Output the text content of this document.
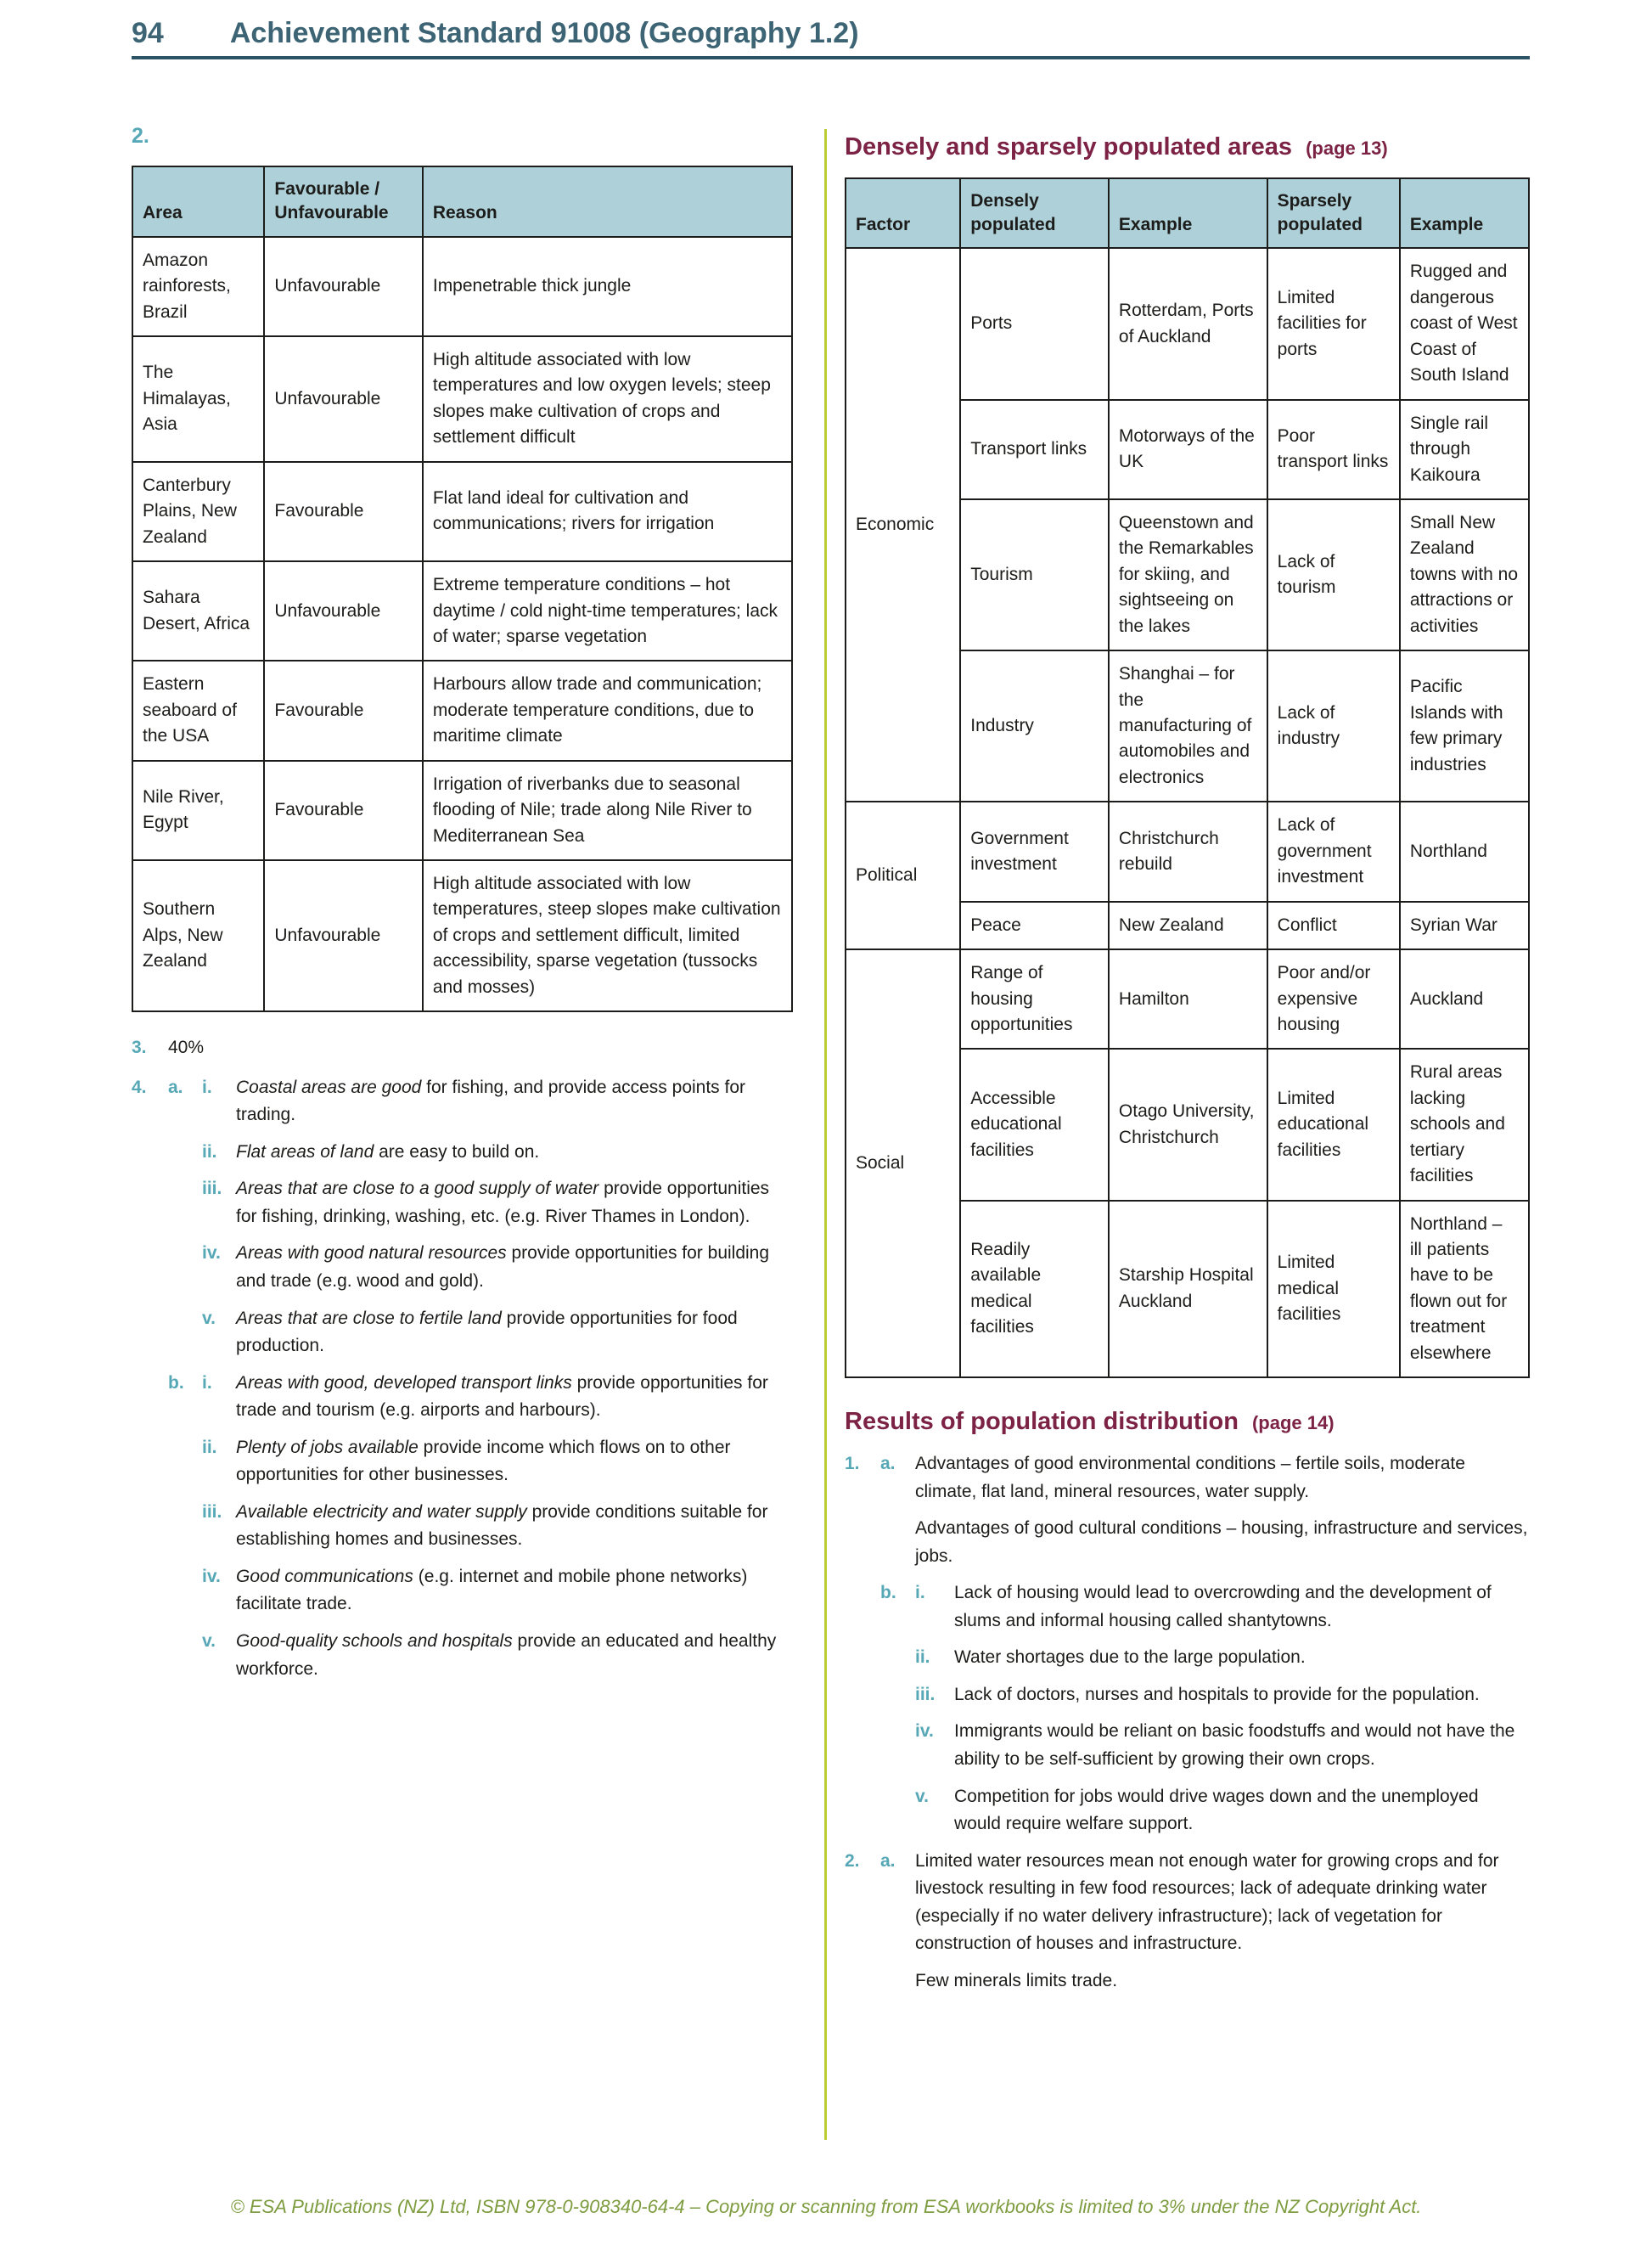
94 Achievement Standard 91008 (Geography 1.2)
2.
Area	Favourable / Unfavourable	Reason
Amazon rainforests, Brazil	Unfavourable	Impenetrable thick jungle
The Himalayas, Asia	Unfavourable	High altitude associated with low temperatures and low oxygen levels; steep slopes make cultivation of crops and settlement difficult
Canterbury Plains, New Zealand	Favourable	Flat land ideal for cultivation and communications; rivers for irrigation
Sahara Desert, Africa	Unfavourable	Extreme temperature conditions – hot daytime / cold night-time temperatures; lack of water; sparse vegetation
Eastern seaboard of the USA	Favourable	Harbours allow trade and communication; moderate temperature conditions, due to maritime climate
Nile River, Egypt	Favourable	Irrigation of riverbanks due to seasonal flooding of Nile; trade along Nile River to Mediterranean Sea
Southern Alps, New Zealand	Unfavourable	High altitude associated with low temperatures, steep slopes make cultivation of crops and settlement difficult, limited accessibility, sparse vegetation (tussocks and mosses)
3.	40%
4.	a.	i.	Coastal areas are good for fishing, and provide access points for trading.
ii.	Flat areas of land are easy to build on.
iii. Areas that are close to a good supply of water provide opportunities for fishing, drinking, washing, etc. (e.g. River Thames in London).
iv. Areas with good natural resources provide opportunities for building and trade (e.g. wood and gold).
v.	Areas that are close to fertile land provide opportunities for food production.
b.	i.	Areas with good, developed transport links provide opportunities for trade and tourism (e.g. airports and harbours).
ii.	Plenty of jobs available provide income which flows on to other opportunities for other businesses.
iii. Available electricity and water supply provide conditions suitable for establishing homes and businesses.
iv. Good communications (e.g. internet and mobile phone networks) facilitate trade.
v.	Good-quality schools and hospitals provide an educated and healthy workforce.
Densely and sparsely populated areas (page 13)
Factor	Densely populated	Example	Sparsely populated	Example
Economic	Ports	Rotterdam, Ports of Auckland	Limited facilities for ports	Rugged and dangerous coast of West Coast of South Island
	Transport links	Motorways of the UK	Poor transport links	Single rail through Kaikoura
	Tourism	Queenstown and the Remarkables for skiing, and sightseeing on the lakes	Lack of tourism	Small New Zealand towns with no attractions or activities
	Industry	Shanghai – for the manufacturing of automobiles and electronics	Lack of industry	Pacific Islands with few primary industries
Political	Government investment	Christchurch rebuild	Lack of government investment	Northland
	Peace	New Zealand	Conflict	Syrian War
Social	Range of housing opportunities	Hamilton	Poor and/or expensive housing	Auckland
	Accessible educational facilities	Otago University, Christchurch	Limited educational facilities	Rural areas lacking schools and tertiary facilities
	Readily available medical facilities	Starship Hospital Auckland	Limited medical facilities	Northland – ill patients have to be flown out for treatment elsewhere
Results of population distribution (page 14)
1.	a.	Advantages of good environmental conditions – fertile soils, moderate climate, flat land, mineral resources, water supply.
Advantages of good cultural conditions – housing, infrastructure and services, jobs.
b.	i.	Lack of housing would lead to overcrowding and the development of slums and informal housing called shantytowns.
ii.	Water shortages due to the large population.
iii.	Lack of doctors, nurses and hospitals to provide for the population.
iv.	Immigrants would be reliant on basic foodstuffs and would not have the ability to be self-sufficient by growing their own crops.
v.	Competition for jobs would drive wages down and the unemployed would require welfare support.
2.	a.	Limited water resources mean not enough water for growing crops and for livestock resulting in few food resources; lack of adequate drinking water (especially if no water delivery infrastructure); lack of vegetation for construction of houses and infrastructure.
Few minerals limits trade.
© ESA Publications (NZ) Ltd, ISBN 978-0-908340-64-4 – Copying or scanning from ESA workbooks is limited to 3% under the NZ Copyright Act.
